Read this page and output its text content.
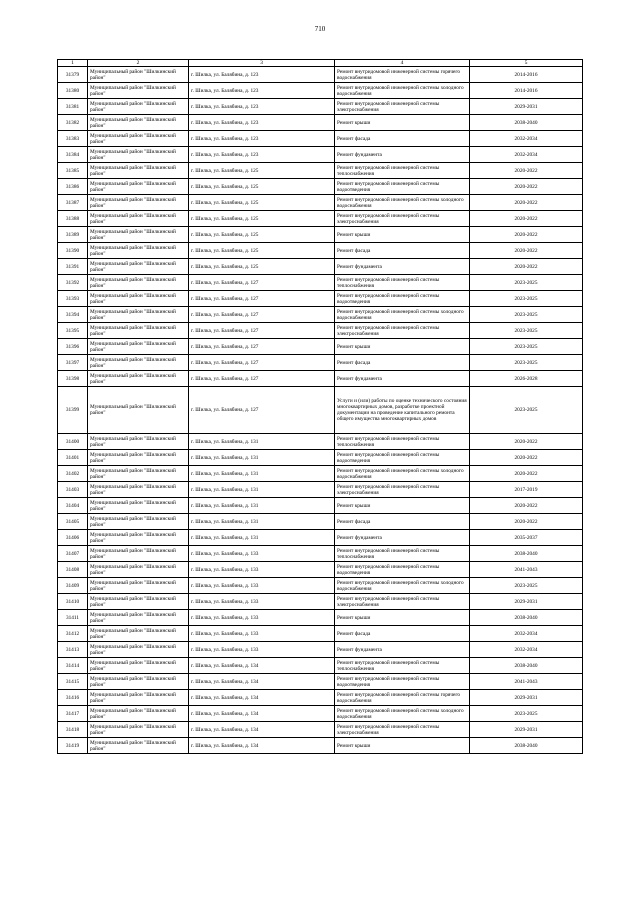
710
1	2	3	4	5
31379	Муниципальный район "Шилкинский район"	г. Шилка, ул. Балябина, д. 123	Ремонт внутридомовой инженерной системы горячего водоснабжения	2014-2016
31380	Муниципальный район "Шилкинский район"	г. Шилка, ул. Балябина, д. 123	Ремонт внутридомовой инженерной системы холодного водоснабжения	2014-2016
31381	Муниципальный район "Шилкинский район"	г. Шилка, ул. Балябина, д. 123	Ремонт внутридомовой инженерной системы электроснабжения	2029-2031
31382	Муниципальный район "Шилкинский район"	г. Шилка, ул. Балябина, д. 123	Ремонт крыши	2038-2040
31383	Муниципальный район "Шилкинский район"	г. Шилка, ул. Балябина, д. 123	Ремонт фасада	2032-2034
31384	Муниципальный район "Шилкинский район"	г. Шилка, ул. Балябина, д. 123	Ремонт фундамента	2032-2034
31385	Муниципальный район "Шилкинский район"	г. Шилка, ул. Балябина, д. 125	Ремонт внутридомовой инженерной системы теплоснабжения	2020-2022
31386	Муниципальный район "Шилкинский район"	г. Шилка, ул. Балябина, д. 125	Ремонт внутридомовой инженерной системы водоотведения	2020-2022
31387	Муниципальный район "Шилкинский район"	г. Шилка, ул. Балябина, д. 125	Ремонт внутридомовой инженерной системы холодного водоснабжения	2020-2022
31388	Муниципальный район "Шилкинский район"	г. Шилка, ул. Балябина, д. 125	Ремонт внутридомовой инженерной системы электроснабжения	2020-2022
31389	Муниципальный район "Шилкинский район"	г. Шилка, ул. Балябина, д. 125	Ремонт крыши	2020-2022
31390	Муниципальный район "Шилкинский район"	г. Шилка, ул. Балябина, д. 125	Ремонт фасада	2020-2022
31391	Муниципальный район "Шилкинский район"	г. Шилка, ул. Балябина, д. 125	Ремонт фундамента	2020-2022
31392	Муниципальный район "Шилкинский район"	г. Шилка, ул. Балябина, д. 127	Ремонт внутридомовой инженерной системы теплоснабжения	2023-2025
31393	Муниципальный район "Шилкинский район"	г. Шилка, ул. Балябина, д. 127	Ремонт внутридомовой инженерной системы водоотведения	2023-2025
31394	Муниципальный район "Шилкинский район"	г. Шилка, ул. Балябина, д. 127	Ремонт внутридомовой инженерной системы холодного водоснабжения	2023-2025
31395	Муниципальный район "Шилкинский район"	г. Шилка, ул. Балябина, д. 127	Ремонт внутридомовой инженерной системы электроснабжения	2023-2025
31396	Муниципальный район "Шилкинский район"	г. Шилка, ул. Балябина, д. 127	Ремонт крыши	2023-2025
31397	Муниципальный район "Шилкинский район"	г. Шилка, ул. Балябина, д. 127	Ремонт фасада	2023-2025
31398	Муниципальный район "Шилкинский район"	г. Шилка, ул. Балябина, д. 127	Ремонт фундамента	2026-2028
31399	Муниципальный район "Шилкинский район"	г. Шилка, ул. Балябина, д. 127	Услуги и (или) работы по оценке технического состояния многоквартирных домов, разработке проектной документации на проведение капитального ремонта общего имущества многоквартирных домов	2023-2025
31400	Муниципальный район "Шилкинский район"	г. Шилка, ул. Балябина, д. 131	Ремонт внутридомовой инженерной системы теплоснабжения	2020-2022
31401	Муниципальный район "Шилкинский район"	г. Шилка, ул. Балябина, д. 131	Ремонт внутридомовой инженерной системы водоотведения	2020-2022
31402	Муниципальный район "Шилкинский район"	г. Шилка, ул. Балябина, д. 131	Ремонт внутридомовой инженерной системы холодного водоснабжения	2020-2022
31403	Муниципальный район "Шилкинский район"	г. Шилка, ул. Балябина, д. 131	Ремонт внутридомовой инженерной системы электроснабжения	2017-2019
31404	Муниципальный район "Шилкинский район"	г. Шилка, ул. Балябина, д. 131	Ремонт крыши	2020-2022
31405	Муниципальный район "Шилкинский район"	г. Шилка, ул. Балябина, д. 131	Ремонт фасада	2020-2022
31406	Муниципальный район "Шилкинский район"	г. Шилка, ул. Балябина, д. 131	Ремонт фундамента	2035-2037
31407	Муниципальный район "Шилкинский район"	г. Шилка, ул. Балябина, д. 133	Ремонт внутридомовой инженерной системы теплоснабжения	2038-2040
31408	Муниципальный район "Шилкинский район"	г. Шилка, ул. Балябина, д. 133	Ремонт внутридомовой инженерной системы водоотведения	2041-2043
31409	Муниципальный район "Шилкинский район"	г. Шилка, ул. Балябина, д. 133	Ремонт внутридомовой инженерной системы холодного водоснабжения	2023-2025
31410	Муниципальный район "Шилкинский район"	г. Шилка, ул. Балябина, д. 133	Ремонт внутридомовой инженерной системы электроснабжения	2029-2031
31411	Муниципальный район "Шилкинский район"	г. Шилка, ул. Балябина, д. 133	Ремонт крыши	2038-2040
31412	Муниципальный район "Шилкинский район"	г. Шилка, ул. Балябина, д. 133	Ремонт фасада	2032-2034
31413	Муниципальный район "Шилкинский район"	г. Шилка, ул. Балябина, д. 133	Ремонт фундамента	2032-2034
31414	Муниципальный район "Шилкинский район"	г. Шилка, ул. Балябина, д. 134	Ремонт внутридомовой инженерной системы теплоснабжения	2038-2040
31415	Муниципальный район "Шилкинский район"	г. Шилка, ул. Балябина, д. 134	Ремонт внутридомовой инженерной системы водоотведения	2041-2043
31416	Муниципальный район "Шилкинский район"	г. Шилка, ул. Балябина, д. 134	Ремонт внутридомовой инженерной системы горячего водоснабжения	2029-2031
31417	Муниципальный район "Шилкинский район"	г. Шилка, ул. Балябина, д. 134	Ремонт внутридомовой инженерной системы холодного водоснабжения	2023-2025
31418	Муниципальный район "Шилкинский район"	г. Шилка, ул. Балябина, д. 134	Ремонт внутридомовой инженерной системы электроснабжения	2029-2031
31419	Муниципальный район "Шилкинский район"	г. Шилка, ул. Балябина, д. 134	Ремонт крыши	2038-2040
